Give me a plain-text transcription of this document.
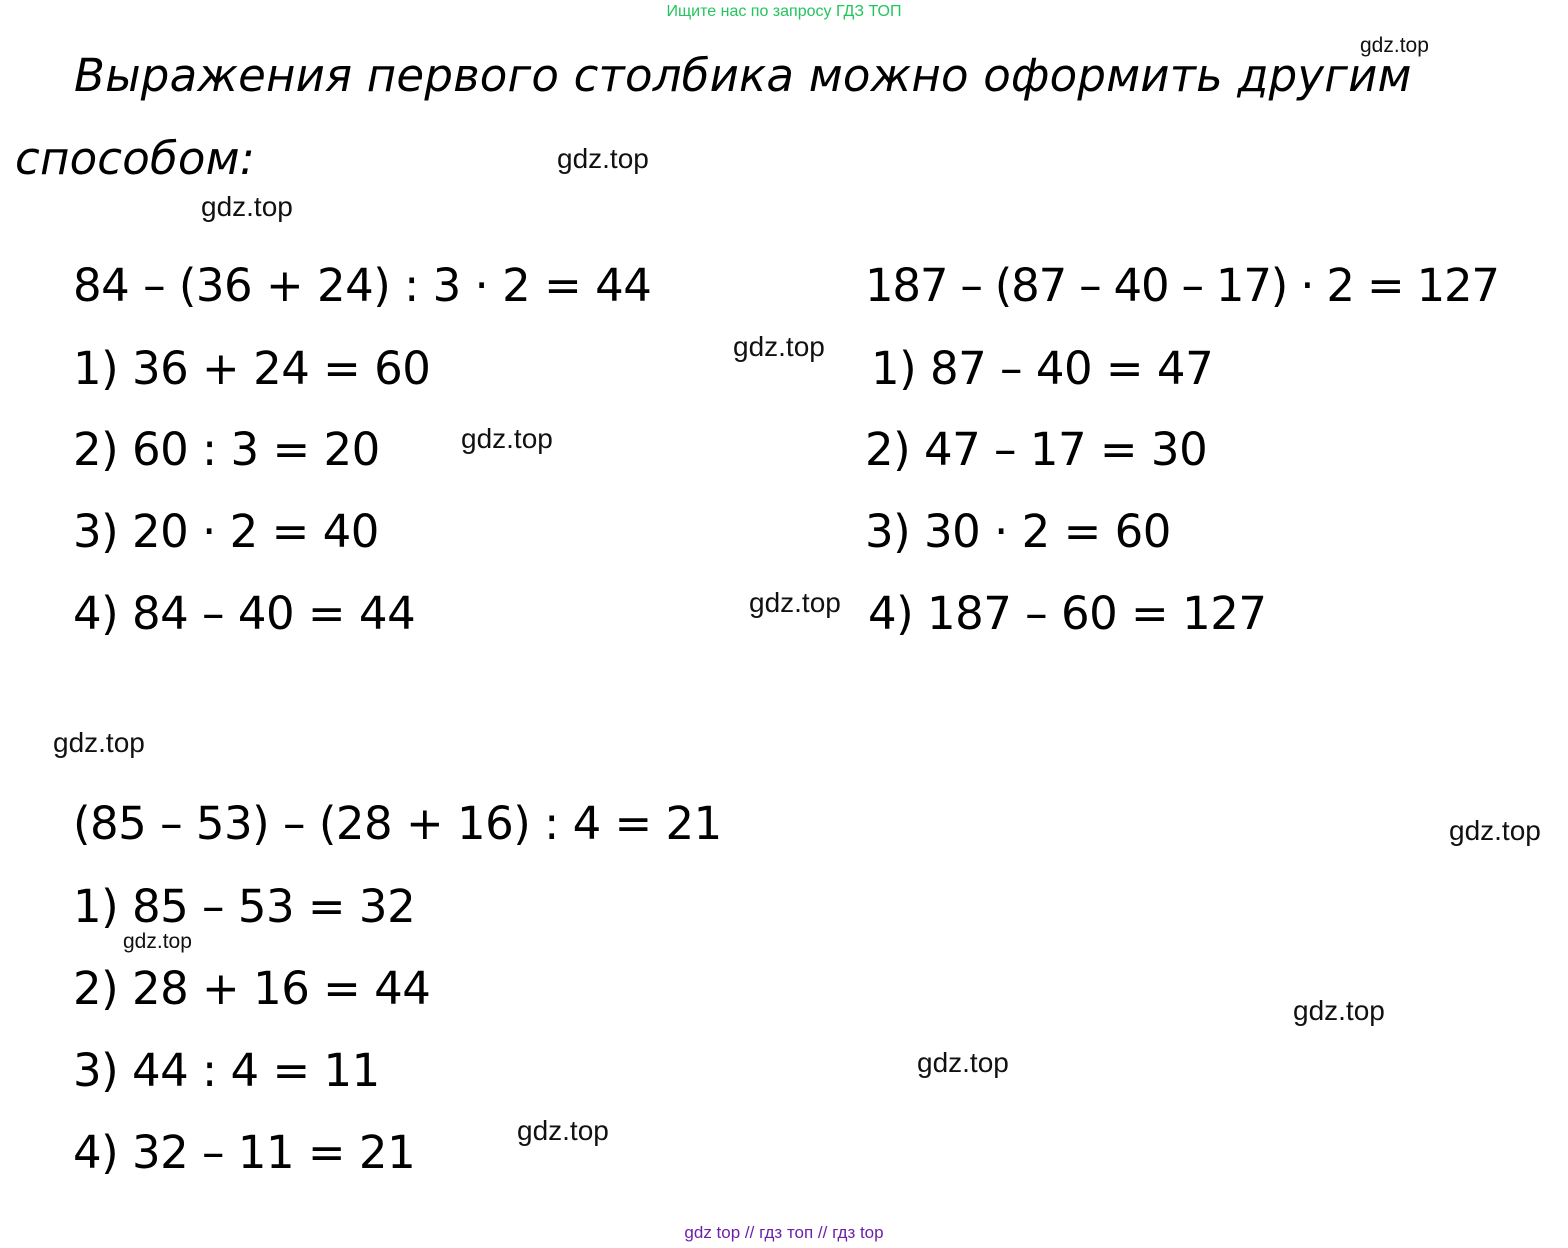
Ищите нас по запросу ГДЗ ТОП
Выражения первого столбика можно оформить другим
способом:
84 – (36 + 24) : 3 · 2 = 44
1) 36 + 24 = 60
2) 60 : 3 = 20
3) 20 · 2 = 40
4) 84 – 40 = 44
187 – (87 – 40 – 17) · 2 = 127
1) 87 – 40 = 47
2) 47 – 17 = 30
3) 30 · 2 = 60
4) 187 – 60 = 127
(85 – 53) – (28 + 16) : 4 = 21
1) 85 – 53 = 32
2) 28 + 16 = 44
3) 44 : 4 = 11
4) 32 – 11 = 21
gdz.top
gdz.top
gdz.top
gdz.top
gdz.top
gdz.top
gdz.top
gdz.top
gdz.top
gdz.top
gdz.top
gdz.top
gdz top // гдз топ // гдз top
